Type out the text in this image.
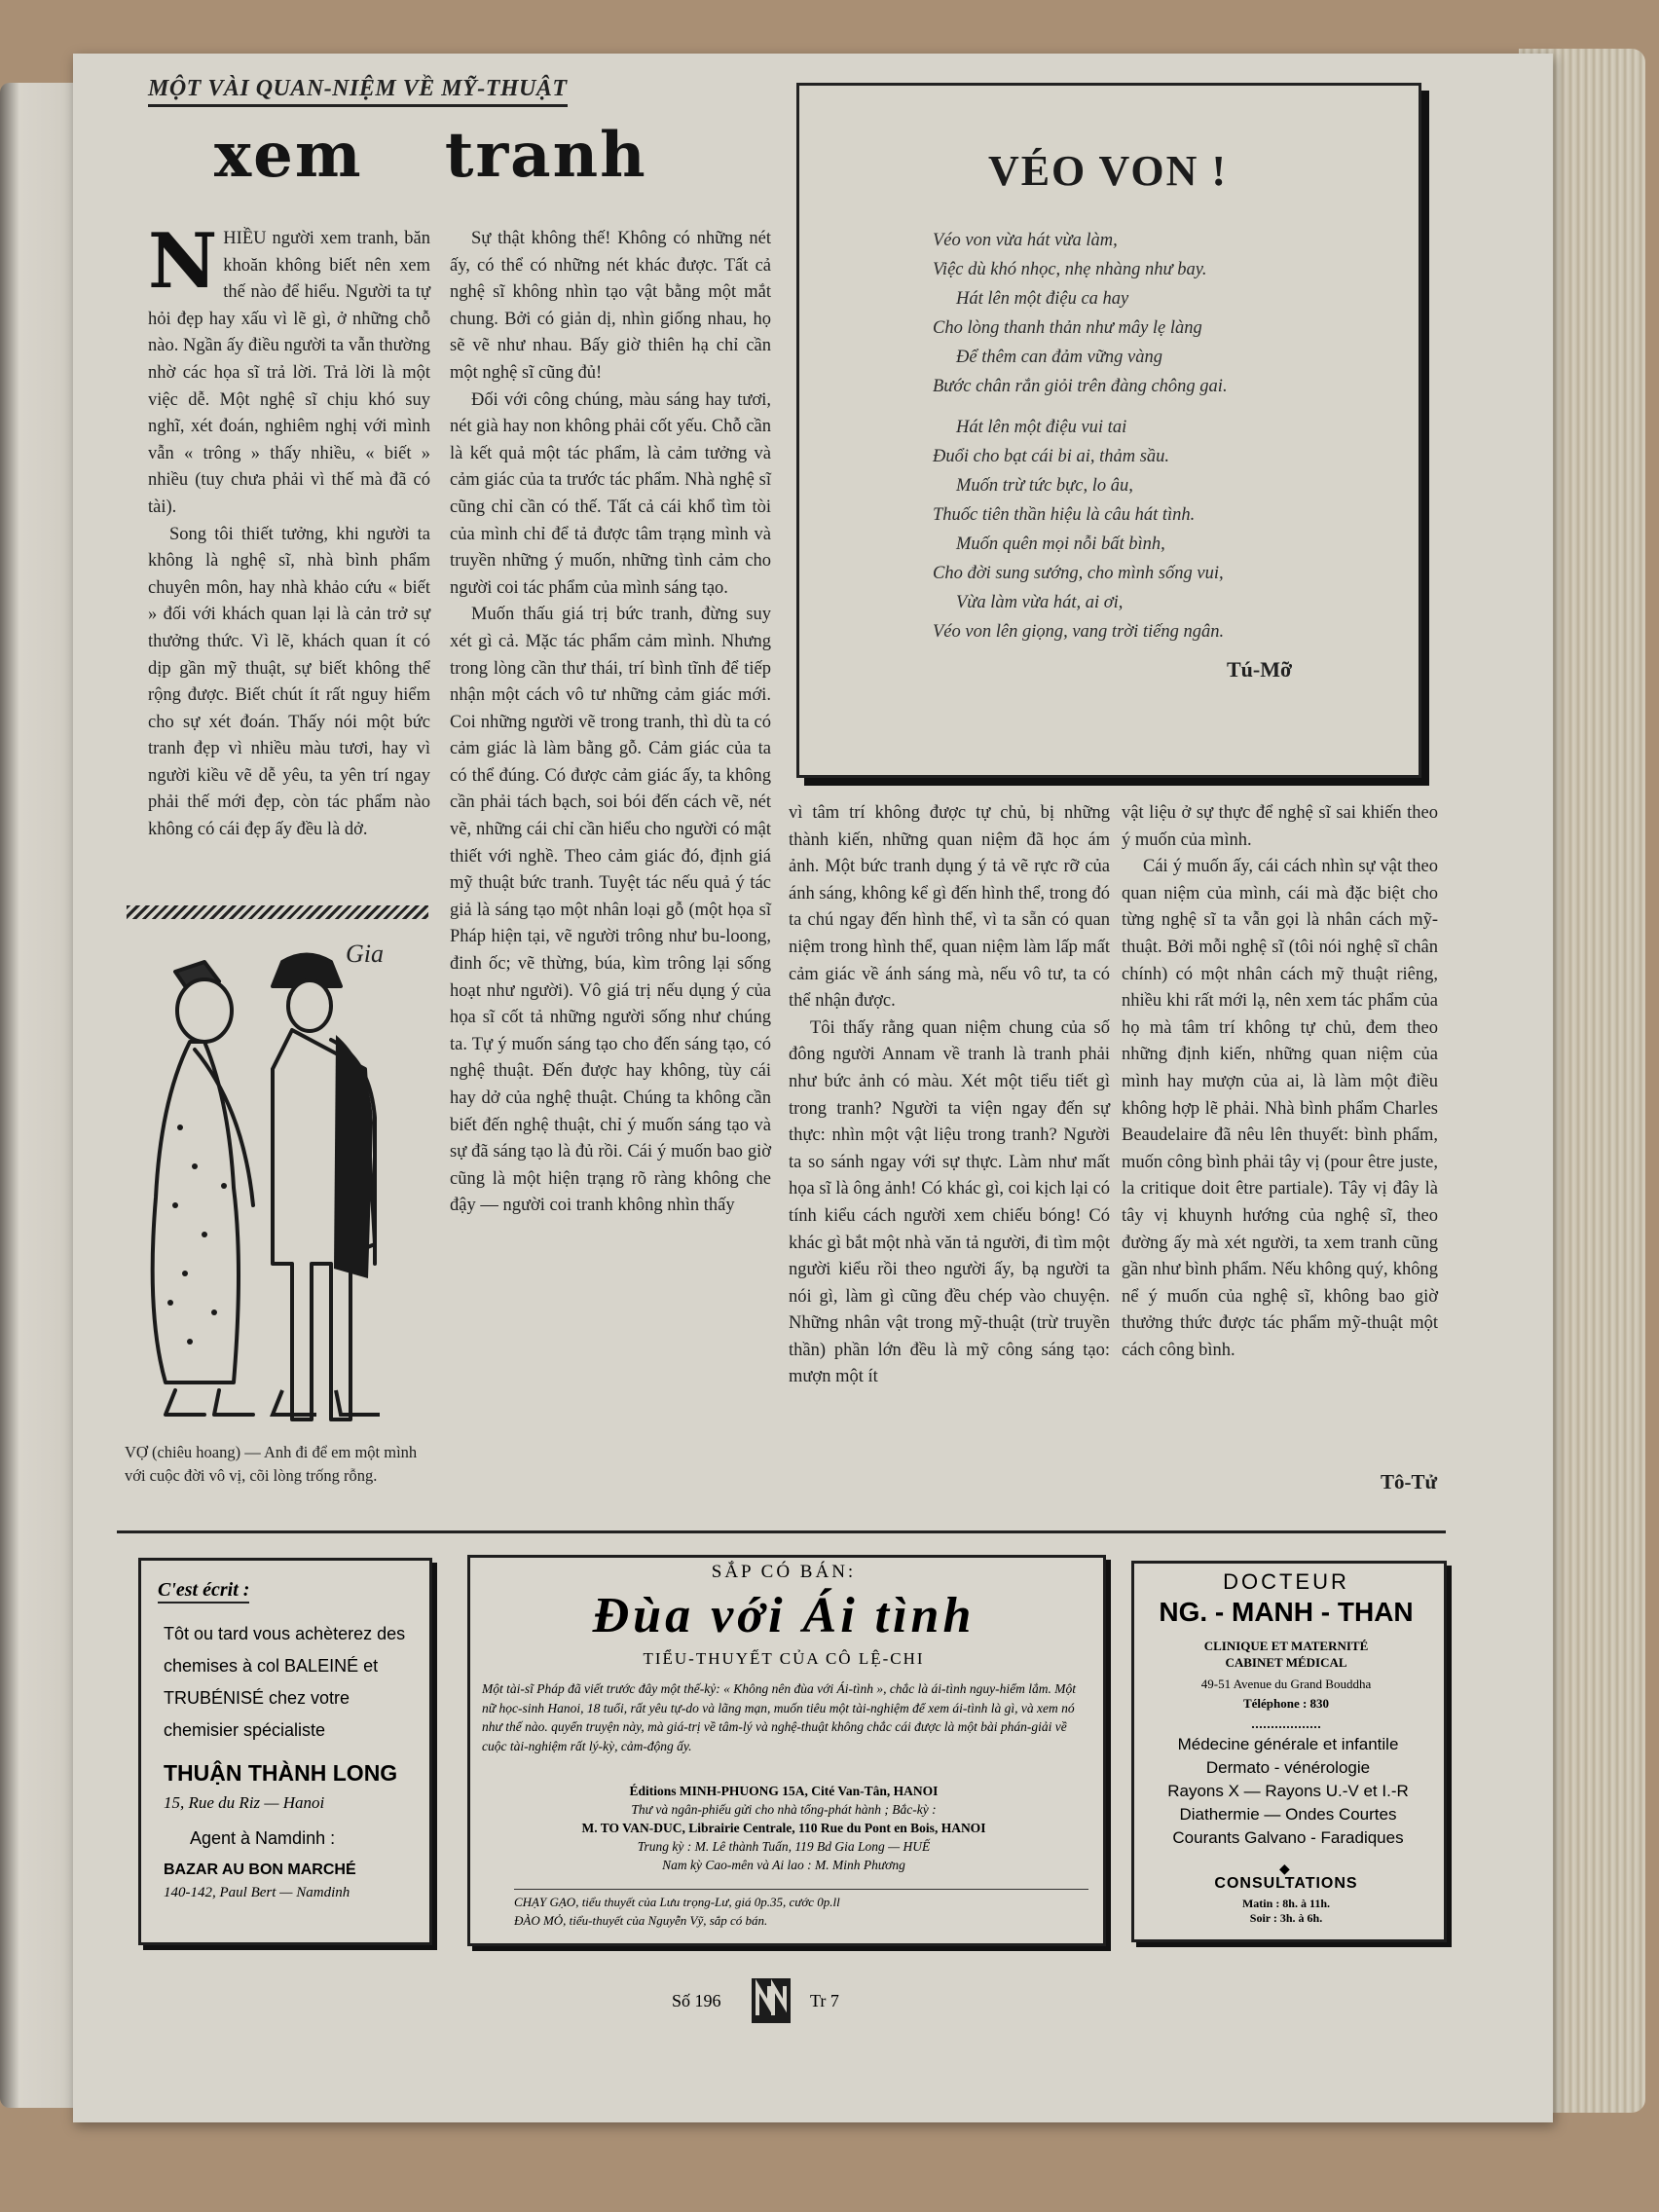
MỘT VÀI QUAN-NIỆM VỀ MỸ-THUẬT
xem tranh
N HIỀU người xem tranh, băn khoăn không biết nên xem thế nào để hiểu. Người ta tự hỏi đẹp hay xấu vì lẽ gì, ở những chỗ nào. Ngần ấy điều người ta vẫn thường nhờ các họa sĩ trả lời. Trả lời là một việc dễ. Một nghệ sĩ chịu khó suy nghĩ, xét đoán, nghiêm nghị với mình vẫn « trông » thấy nhiều, « biết » nhiều (tuy chưa phải vì thế mà đã có tài).

Song tôi thiết tưởng, khi người ta không là nghệ sĩ, nhà bình phẩm chuyên môn, hay nhà khảo cứu « biết » đối với khách quan lại là cản trở sự thưởng thức. Vì lẽ, khách quan ít có dịp gần mỹ thuật, sự biết không thể rộng được. Biết chút ít rất nguy hiểm cho sự xét đoán. Thấy nói một bức tranh đẹp vì nhiều màu tươi, hay vì người kiều vẽ dễ yêu, ta yên trí ngay phải thế mới đẹp, còn tác phẩm nào không có cái đẹp ấy đều là dở.

Sự thật không thế! Không có những nét ấy, có thể có những nét khác được. Tất cả nghệ sĩ không nhìn tạo vật bằng một mắt chung. Bởi có giản dị, nhìn giống nhau, họ sẽ vẽ như nhau. Bấy giờ thiên hạ chỉ cần một nghệ sĩ cũng đủ!

Đối với công chúng, màu sáng hay tươi, nét già hay non không phải cốt yếu. Chỗ cần là kết quả một tác phẩm, là cảm tưởng và cảm giác của ta trước tác phẩm. Nhà nghệ sĩ cũng chỉ cần có thế. Tất cả cái khổ tìm tòi của mình chỉ để tả được tâm trạng mình và truyền những ý muốn, những tình cảm cho người coi tác phẩm của mình sáng tạo.

Muốn thấu giá trị bức tranh, đừng suy xét gì cả. Mặc tác phẩm cảm mình. Nhưng trong lòng cần thư thái, trí bình tĩnh để tiếp nhận một cách vô tư những cảm giác mới. Coi những người vẽ trong tranh, thì dù ta có cảm giác là làm bằng gỗ. Cảm giác của ta có thể đúng. Có được cảm giác ấy, ta không cần phải tách bạch, soi bói đến cách vẽ, nét vẽ, những cái chỉ cần hiểu cho người có mật thiết với nghề. Theo cảm giác đó, định giá mỹ thuật bức tranh. Tuyệt tác nếu quả ý tác giả là sáng tạo một nhân loại gỗ (một họa sĩ Pháp hiện tại, vẽ người trông như bu-loong, đinh ốc; vẽ thừng, búa, kìm trông lại sống hoạt như người). Vô giá trị nếu dụng ý của họa sĩ cốt tả những người sống như chúng ta. Tự ý muốn sáng tạo cho đến sáng tạo, có nghệ thuật. Đến được hay không, tùy cái hay dở của nghệ thuật. Chúng ta không cần biết đến nghệ thuật, chỉ ý muốn sáng tạo và sự đã sáng tạo là đủ rồi. Cái ý muốn bao giờ cũng là một hiện trạng rõ ràng không che đậy — người coi tranh không nhìn thấy

Gia
VỢ (chiêu hoang) — Anh đi để em một mình với cuộc đời vô vị, cõi lòng trống rỗng.

vì tâm trí không được tự chủ, bị những thành kiến, những quan niệm đã học ám ảnh. Một bức tranh dụng ý tả vẽ rực rỡ của ánh sáng, không kể gì đến hình thể, trong đó ta chú ngay đến hình thể, vì ta sẵn có quan niệm trong hình thể, quan niệm làm lấp mất cảm giác về ánh sáng mà, nếu vô tư, ta có thể nhận được.

Tôi thấy rằng quan niệm chung của số đông người Annam về tranh là tranh phải như bức ảnh có màu. Xét một tiểu tiết gì trong tranh? Người ta viện ngay đến sự thực: nhìn một vật liệu trong tranh? Người ta so sánh ngay với sự thực. Làm như mất họa sĩ là ông ảnh! Có khác gì, coi kịch lại có tính kiểu cách người xem chiếu bóng! Có khác gì bắt một nhà văn tả người, đi tìm một người kiểu rồi theo người ấy, bạ người ta nói gì, làm gì cũng đều chép vào chuyện. Những nhân vật trong mỹ-thuật (trừ truyền thần) phần lớn đều là mỹ công sáng tạo: mượn một ít

vật liệu ở sự thực để nghệ sĩ sai khiến theo ý muốn của mình.

Cái ý muốn ấy, cái cách nhìn sự vật theo quan niệm của mình, cái mà đặc biệt cho từng nghệ sĩ ta vẫn gọi là nhân cách mỹ-thuật. Bởi mỗi nghệ sĩ (tôi nói nghệ sĩ chân chính) có một nhân cách mỹ thuật riêng, nhiều khi rất mới lạ, nên xem tác phẩm của họ mà tâm trí không tự chủ, đem theo những định kiến, những quan niệm của mình hay mượn của ai, là làm một điều không hợp lẽ phải. Nhà bình phẩm Charles Beaudelaire đã nêu lên thuyết: bình phẩm, muốn công bình phải tây vị (pour être juste, la critique doit être partiale). Tây vị đây là tây vị khuynh hướng của nghệ sĩ, theo đường ấy mà xét người, ta xem tranh cũng gần như bình phẩm. Nếu không quý, không nể ý muốn của nghệ sĩ, không bao giờ thưởng thức được tác phẩm mỹ-thuật một cách công bình.

Tô-Tử
VÉO VON !
Véo von vừa hát vừa làm,
Việc dù khó nhọc, nhẹ nhàng như bay.
Hát lên một điệu ca hay
Cho lòng thanh thản như mây lẹ làng
Để thêm can đảm vững vàng
Bước chân rắn giỏi trên đàng chông gai.
Hát lên một điệu vui tai
Đuổi cho bạt cái bi ai, thảm sầu.
Muốn trừ tức bực, lo âu,
Thuốc tiên thần hiệu là câu hát tình.
Muốn quên mọi nỗi bất bình,
Cho đời sung sướng, cho mình sống vui,
Vừa làm vừa hát, ai ơi,
Véo von lên giọng, vang trời tiếng ngân.
Tú-Mỡ
C'est écrit :
Tôt ou tard vous achèterez des chemises à col BALEINÉ et TRUBÉNISÉ chez votre chemisier spécialiste
THUẬN THÀNH LONG
15, Rue du Riz — Hanoi
Agent à Namdinh :
BAZAR AU BON MARCHÉ
140-142, Paul Bert — Namdinh
SẮP CÓ BÁN:
Đùa với Ái tình
TIỂU-THUYẾT CỦA CÔ LỆ-CHI
Một tài-sĩ Pháp đã viết trước đây một thế-kỷ: « Không nên đùa với Ái-tình », chắc là ái-tình nguy-hiểm lắm. Một nữ học-sinh Hanoi, 18 tuổi, rất yêu tự-do và lãng mạn, muốn tiêu một tài-nghiệm để xem ái-tình là gì, và xem nó như thế nào. quyển truyện này, mà giá-trị về tâm-lý và nghệ-thuật không chắc cái được là một bài phán-giải về cuộc tài-nghiệm rất lý-kỳ, cảm-động ấy.
Éditions MINH-PHUONG 15A, Cité Van-Tân, HANOI
Thư và ngân-phiếu gửi cho nhà tổng-phát hành ; Bắc-kỳ :
M. TO VAN-DUC, Librairie Centrale, 110 Rue du Pont en Bois, HANOI
Trung kỳ : M. Lê thành Tuấn, 119 Bd Gia Long — HUẾ
Nam kỳ Cao-mên và Ai lao : M. Minh Phương
CHẠY GẠO, tiểu thuyết của Lưu trọng-Lư, giá 0p.35, cước 0p.ll
ĐÀO MỎ, tiểu-thuyết của Nguyễn Vỹ, sắp có bán.
DOCTEUR
NG. - MANH - THAN
CLINIQUE ET MATERNITÉ
CABINET MÉDICAL
49-51 Avenue du Grand Bouddha
Téléphone : 830
Médecine générale et infantile
Dermato - vénérologie
Rayons X — Rayons U.-V et I.-R
Diathermie — Ondes Courtes
Courants Galvano - Faradiques
◆
CONSULTATIONS
Matin : 8h. à 11h.
Soir : 3h. à 6h.
Số 196	Tr 7
